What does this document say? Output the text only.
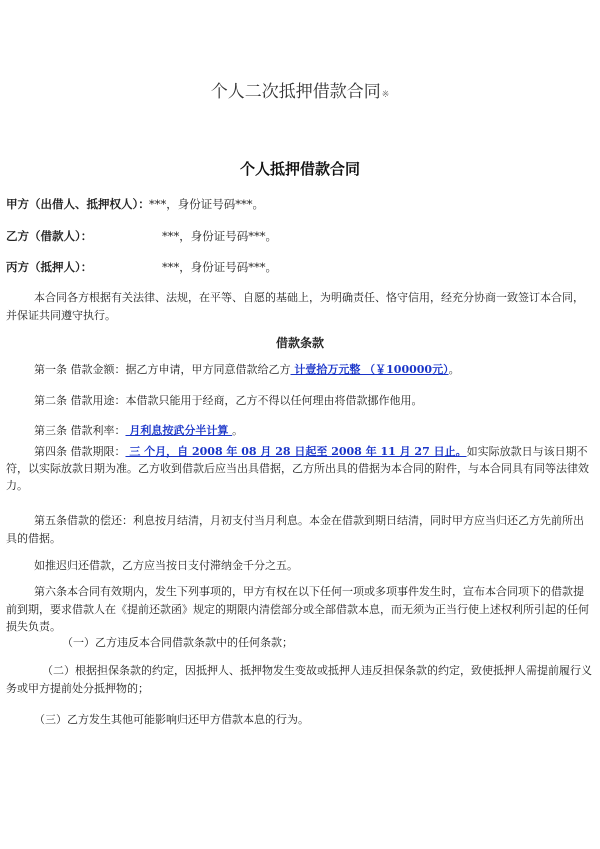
个人二次抵押借款合同※
个人抵押借款合同
甲方（出借人、抵押权人）： ***，身份证号码***。
乙方（借款人）：	***，身份证号码***。
丙方（抵押人）：	***，身份证号码***。
本合同各方根据有关法律、法规，在平等、自愿的基础上，为明确责任、恪守信用，经充分协商一致签订本合同，并保证共同遵守执行。
借款条款
第一条 借款金额：据乙方申请，甲方同意借款给乙方 计壹拾万元整 （￥100000元）。
第二条 借款用途：本借款只能用于经商，乙方不得以任何理由将借款挪作他用。
第三条 借款利率： 月利息按武分半计算 。
第四条 借款期限： 三 个月，自 2008 年 08 月 28 日起至 2008 年 11 月 27 日止。如实际放款日与该日期不符，以实际放款日期为准。乙方收到借款后应当出具借据，乙方所出具的借据为本合同的附件，与本合同具有同等法律效力。
第五条借款的偿还：利息按月结清，月初支付当月利息。本金在借款到期日结清，同时甲方应当归还乙方先前所出具的借据。
如推迟归还借款，乙方应当按日支付滞纳金千分之五。
第六条本合同有效期内，发生下列事项的，甲方有权在以下任何一项或多项事件发生时，宣布本合同项下的借款提前到期，要求借款人在《提前还款函》规定的期限内清偿部分或全部借款本息，而无须为正当行使上述权利所引起的任何损失负责。
（一）乙方违反本合同借款条款中的任何条款；
（二）根据担保条款的约定，因抵押人、抵押物发生变故或抵押人违反担保条款的约定，致使抵押人需提前履行义务或甲方提前处分抵押物的；
（三）乙方发生其他可能影响归还甲方借款本息的行为。
